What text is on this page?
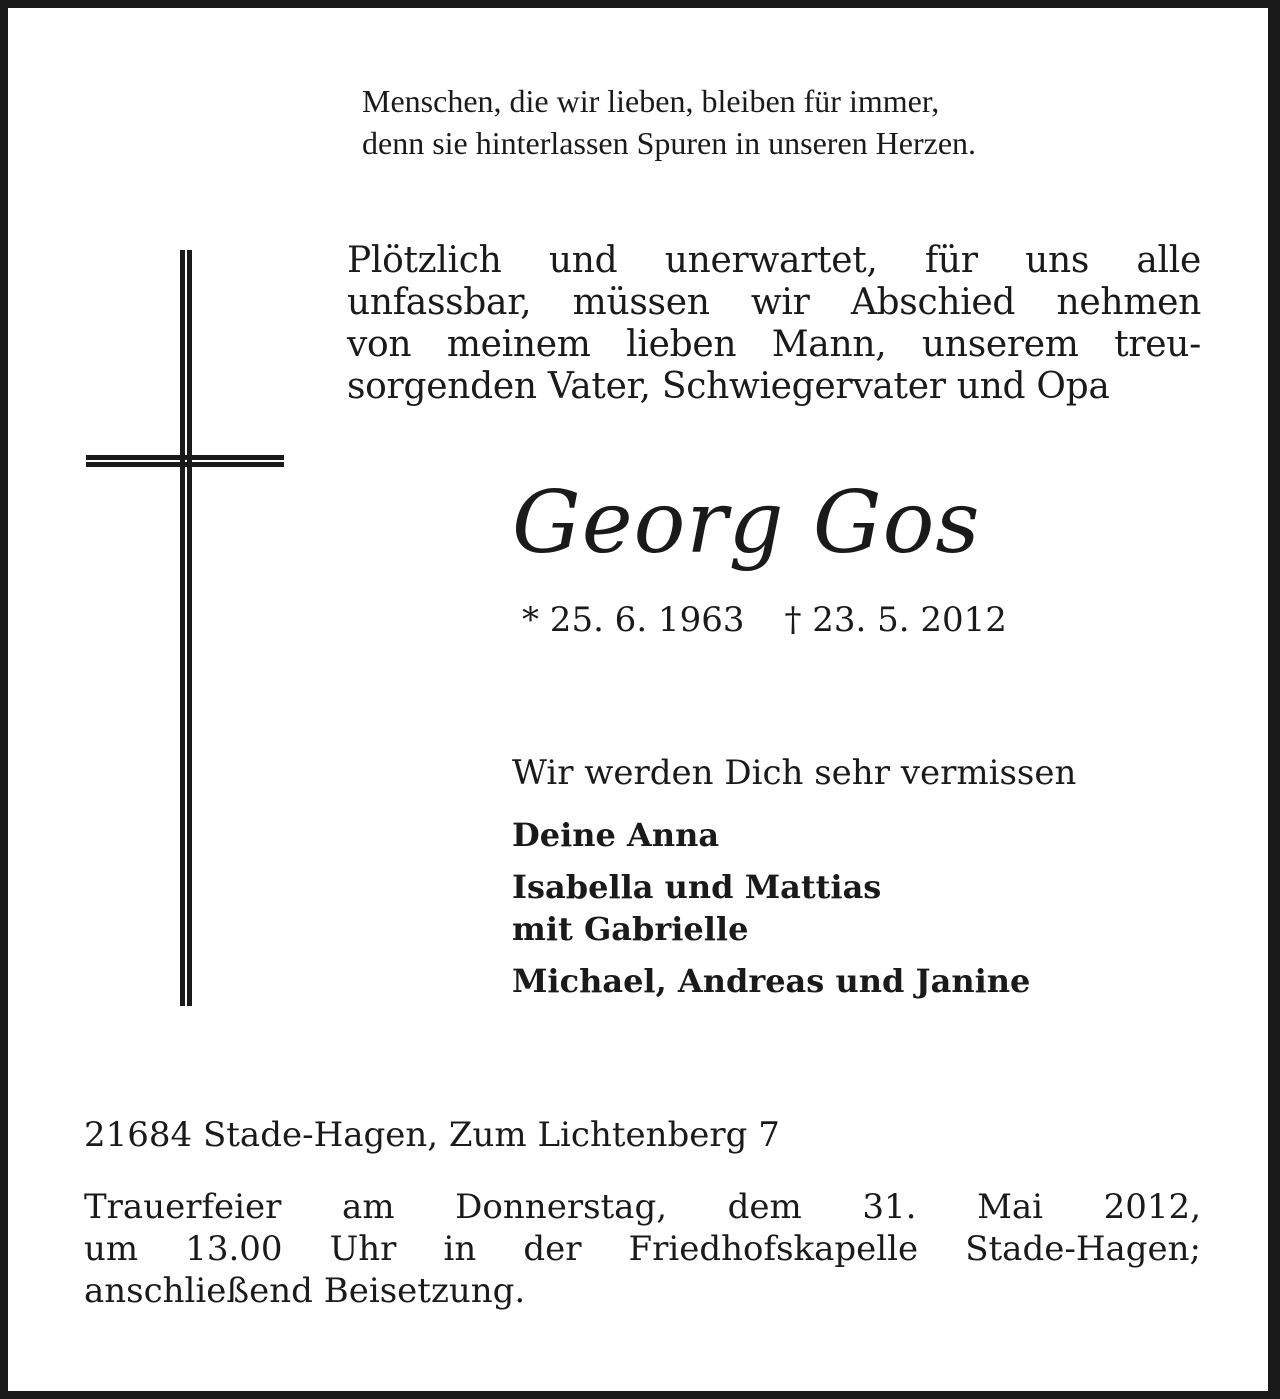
Menschen, die wir lieben, bleiben für immer,
denn sie hinterlassen Spuren in unseren Herzen.
Plötzlich und unerwartet, für uns alle
unfassbar, müssen wir Abschied nehmen
von meinem lieben Mann, unserem treu-
sorgenden Vater, Schwiegervater und Opa
Georg Gos
* 25. 6. 1963 † 23. 5. 2012
Wir werden Dich sehr vermissen
Deine Anna
Isabella und Mattias
mit Gabrielle
Michael, Andreas und Janine
21684 Stade-Hagen, Zum Lichtenberg 7
Trauerfeier am Donnerstag, dem 31. Mai 2012,
um 13.00 Uhr in der Friedhofskapelle Stade-Hagen;
anschließend Beisetzung.
